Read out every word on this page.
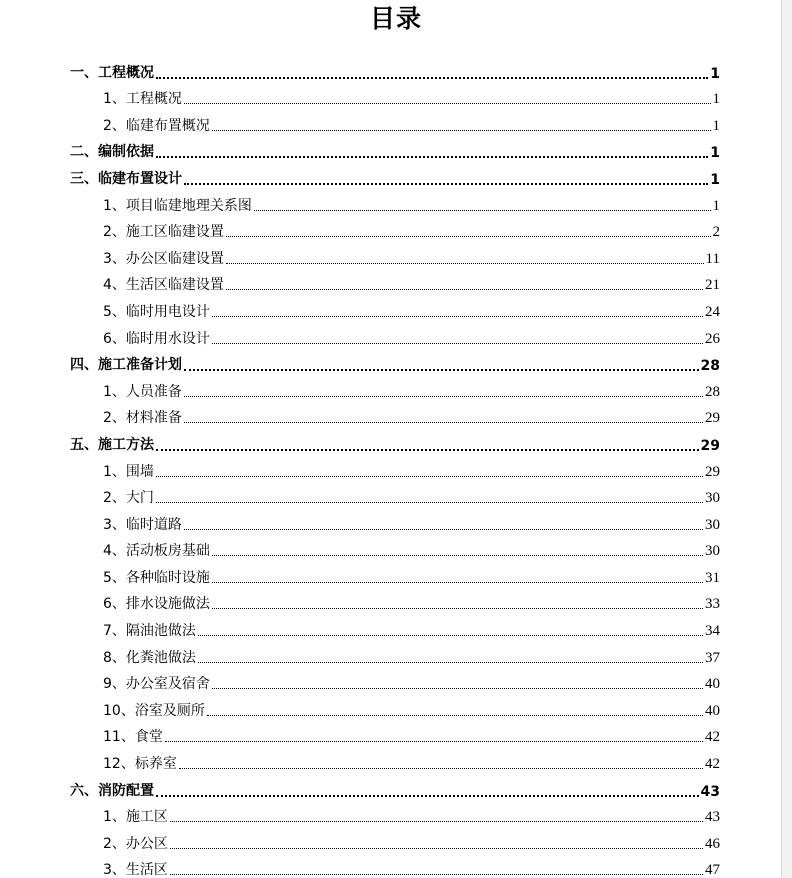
目录
一、工程概况	1
1、工程概况	1
2、临建布置概况	1
二、编制依据	1
三、临建布置设计	1
1、项目临建地理关系图	1
2、施工区临建设置	2
3、办公区临建设置	11
4、生活区临建设置	21
5、临时用电设计	24
6、临时用水设计	26
四、施工准备计划	28
1、人员准备	28
2、材料准备	29
五、施工方法	29
1、围墙	29
2、大门	30
3、临时道路	30
4、活动板房基础	30
5、各种临时设施	31
6、排水设施做法	33
7、隔油池做法	34
8、化粪池做法	37
9、办公室及宿舍	40
10、浴室及厕所	40
11、食堂	42
12、标养室	42
六、消防配置	43
1、施工区	43
2、办公区	46
3、生活区	47
